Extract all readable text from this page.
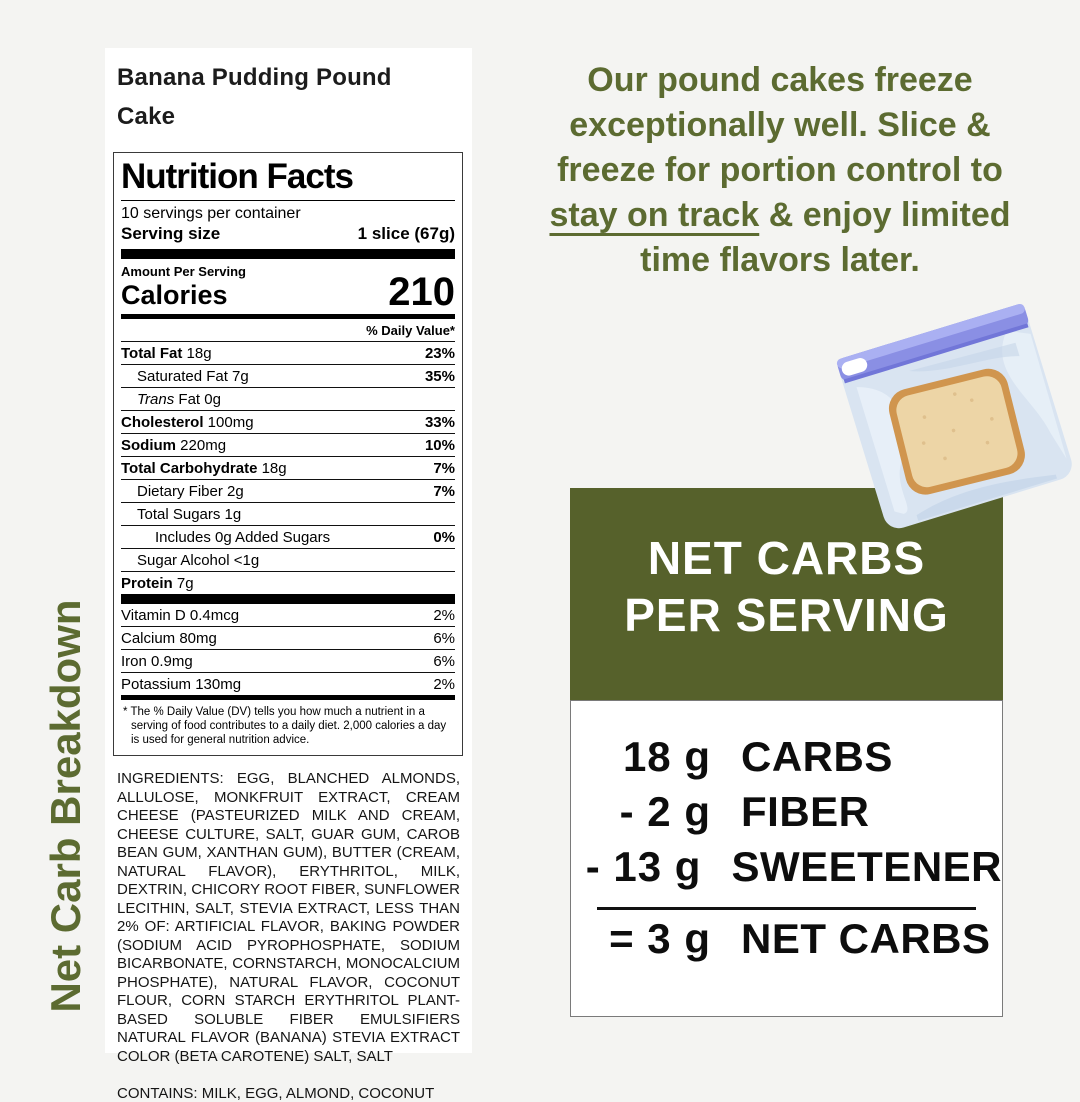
Banana Pudding Pound Cake
Nutrition Facts
10 servings per container
Serving size	1 slice (67g)
Amount Per Serving
Calories	210
% Daily Value*
Total Fat 18g	23%
Saturated Fat 7g	35%
Trans Fat 0g
Cholesterol 100mg	33%
Sodium 220mg	10%
Total Carbohydrate 18g	7%
Dietary Fiber 2g	7%
Total Sugars 1g
Includes 0g Added Sugars	0%
Sugar Alcohol <1g
Protein 7g
Vitamin D 0.4mcg	2%
Calcium 80mg	6%
Iron 0.9mg	6%
Potassium 130mg	2%
* The % Daily Value (DV) tells you how much a nutrient in a serving of food contributes to a daily diet. 2,000 calories a day is used for general nutrition advice.
INGREDIENTS: EGG, BLANCHED ALMONDS, ALLULOSE, MONKFRUIT EXTRACT, CREAM CHEESE (PASTEURIZED MILK AND CREAM, CHEESE CULTURE, SALT, GUAR GUM, CAROB BEAN GUM, XANTHAN GUM), BUTTER (CREAM, NATURAL FLAVOR), ERYTHRITOL, MILK, DEXTRIN, CHICORY ROOT FIBER, SUNFLOWER LECITHIN, SALT, STEVIA EXTRACT, LESS THAN 2% OF: ARTIFICIAL FLAVOR, BAKING POWDER (SODIUM ACID PYROPHOSPHATE, SODIUM BICARBONATE, CORNSTARCH, MONOCALCIUM PHOSPHATE), NATURAL FLAVOR, COCONUT FLOUR, CORN STARCH ERYTHRITOL PLANT-BASED SOLUBLE FIBER EMULSIFIERS NATURAL FLAVOR (BANANA) STEVIA EXTRACT COLOR (BETA CAROTENE) SALT, SALT
CONTAINS: MILK, EGG, ALMOND, COCONUT
Net Carb Breakdown
Our pound cakes freeze
exceptionally well. Slice &
freeze for portion control to
stay on track & enjoy limited
time flavors later.
NET CARBS
PER SERVING
18 g CARBS
- 2 g FIBER
- 13 g SWEETENER
= 3 g NET CARBS
